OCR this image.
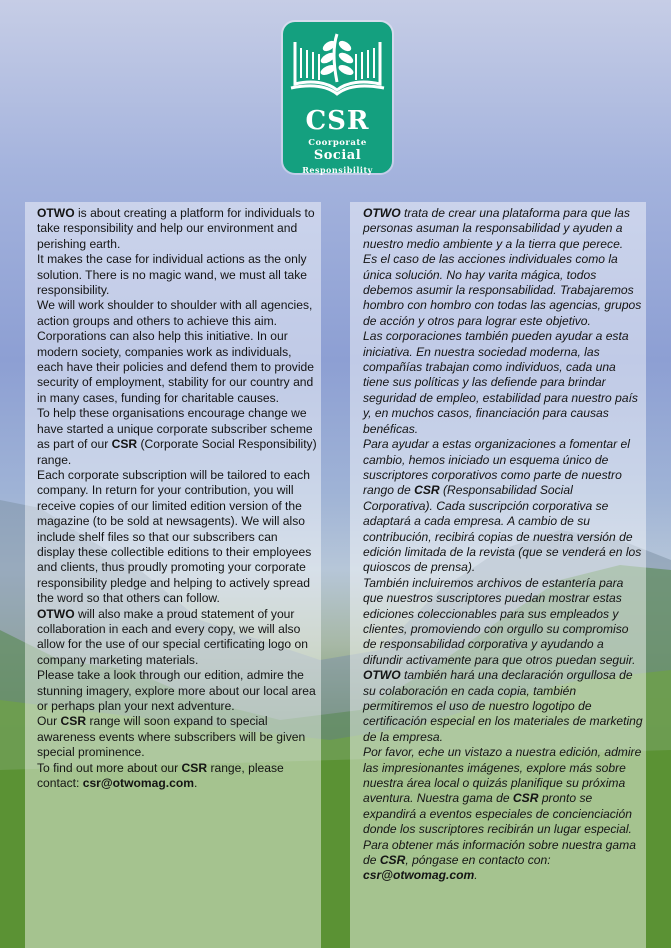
CSR
Coorporate
Social
Responsibility

OTWO is about creating a platform for individuals to take responsibility and help our environment and perishing earth.

It makes the case for individual actions as the only solution. There is no magic wand, we must all take responsibility.

We will work shoulder to shoulder with all agencies, action groups and others to achieve this aim.

Corporations can also help this initiative. In our modern society, companies work as individuals, each have their policies and defend them to provide security of employment, stability for our country and in many cases, funding for charitable causes.

To help these organisations encourage change we have started a unique corporate subscriber scheme as part of our CSR (Corporate Social Responsibility) range.

Each corporate subscription will be tailored to each company. In return for your contribution, you will receive copies of our limited edition version of the magazine (to be sold at newsagents). We will also include shelf files so that our subscribers can display these collectible editions to their employees and clients, thus proudly promoting your corporate responsibility pledge and helping to actively spread the word so that others can follow.

OTWO will also make a proud statement of your collaboration in each and every copy, we will also allow for the use of our special certificating logo on company marketing materials.

Please take a look through our edition, admire the stunning imagery, explore more about our local area or perhaps plan your next adventure.

Our CSR range will soon expand to special awareness events where subscribers will be given special prominence.

To find out more about our CSR range, please contact: csr@otwomag.com.

OTWO trata de crear una plataforma para que las personas asuman la responsabilidad y ayuden a nuestro medio ambiente y a la tierra que perece.

Es el caso de las acciones individuales como la única solución. No hay varita mágica, todos debemos asumir la responsabilidad. Trabajaremos hombro con hombro con todas las agencias, grupos de acción y otros para lograr este objetivo.

Las corporaciones también pueden ayudar a esta iniciativa. En nuestra sociedad moderna, las compañías trabajan como individuos, cada una tiene sus políticas y las defiende para brindar seguridad de empleo, estabilidad para nuestro país y, en muchos casos, financiación para causas benéficas.

Para ayudar a estas organizaciones a fomentar el cambio, hemos iniciado un esquema único de suscriptores corporativos como parte de nuestro rango de CSR (Responsabilidad Social Corporativa). Cada suscripción corporativa se adaptará a cada empresa. A cambio de su contribución, recibirá copias de nuestra versión de edición limitada de la revista (que se venderá en los quioscos de prensa).

También incluiremos archivos de estantería para que nuestros suscriptores puedan mostrar estas ediciones coleccionables para sus empleados y clientes, promoviendo con orgullo su compromiso de responsabilidad corporativa y ayudando a difundir activamente para que otros puedan seguir.

OTWO también hará una declaración orgullosa de su colaboración en cada copia, también permitiremos el uso de nuestro logotipo de certificación especial en los materiales de marketing de la empresa.

Por favor, eche un vistazo a nuestra edición, admire las impresionantes imágenes, explore más sobre nuestra área local o quizás planifique su próxima aventura. Nuestra gama de CSR pronto se expandirá a eventos especiales de concienciación donde los suscriptores recibirán un lugar especial.

Para obtener más información sobre nuestra gama de CSR, póngase en contacto con: csr@otwomag.com.
